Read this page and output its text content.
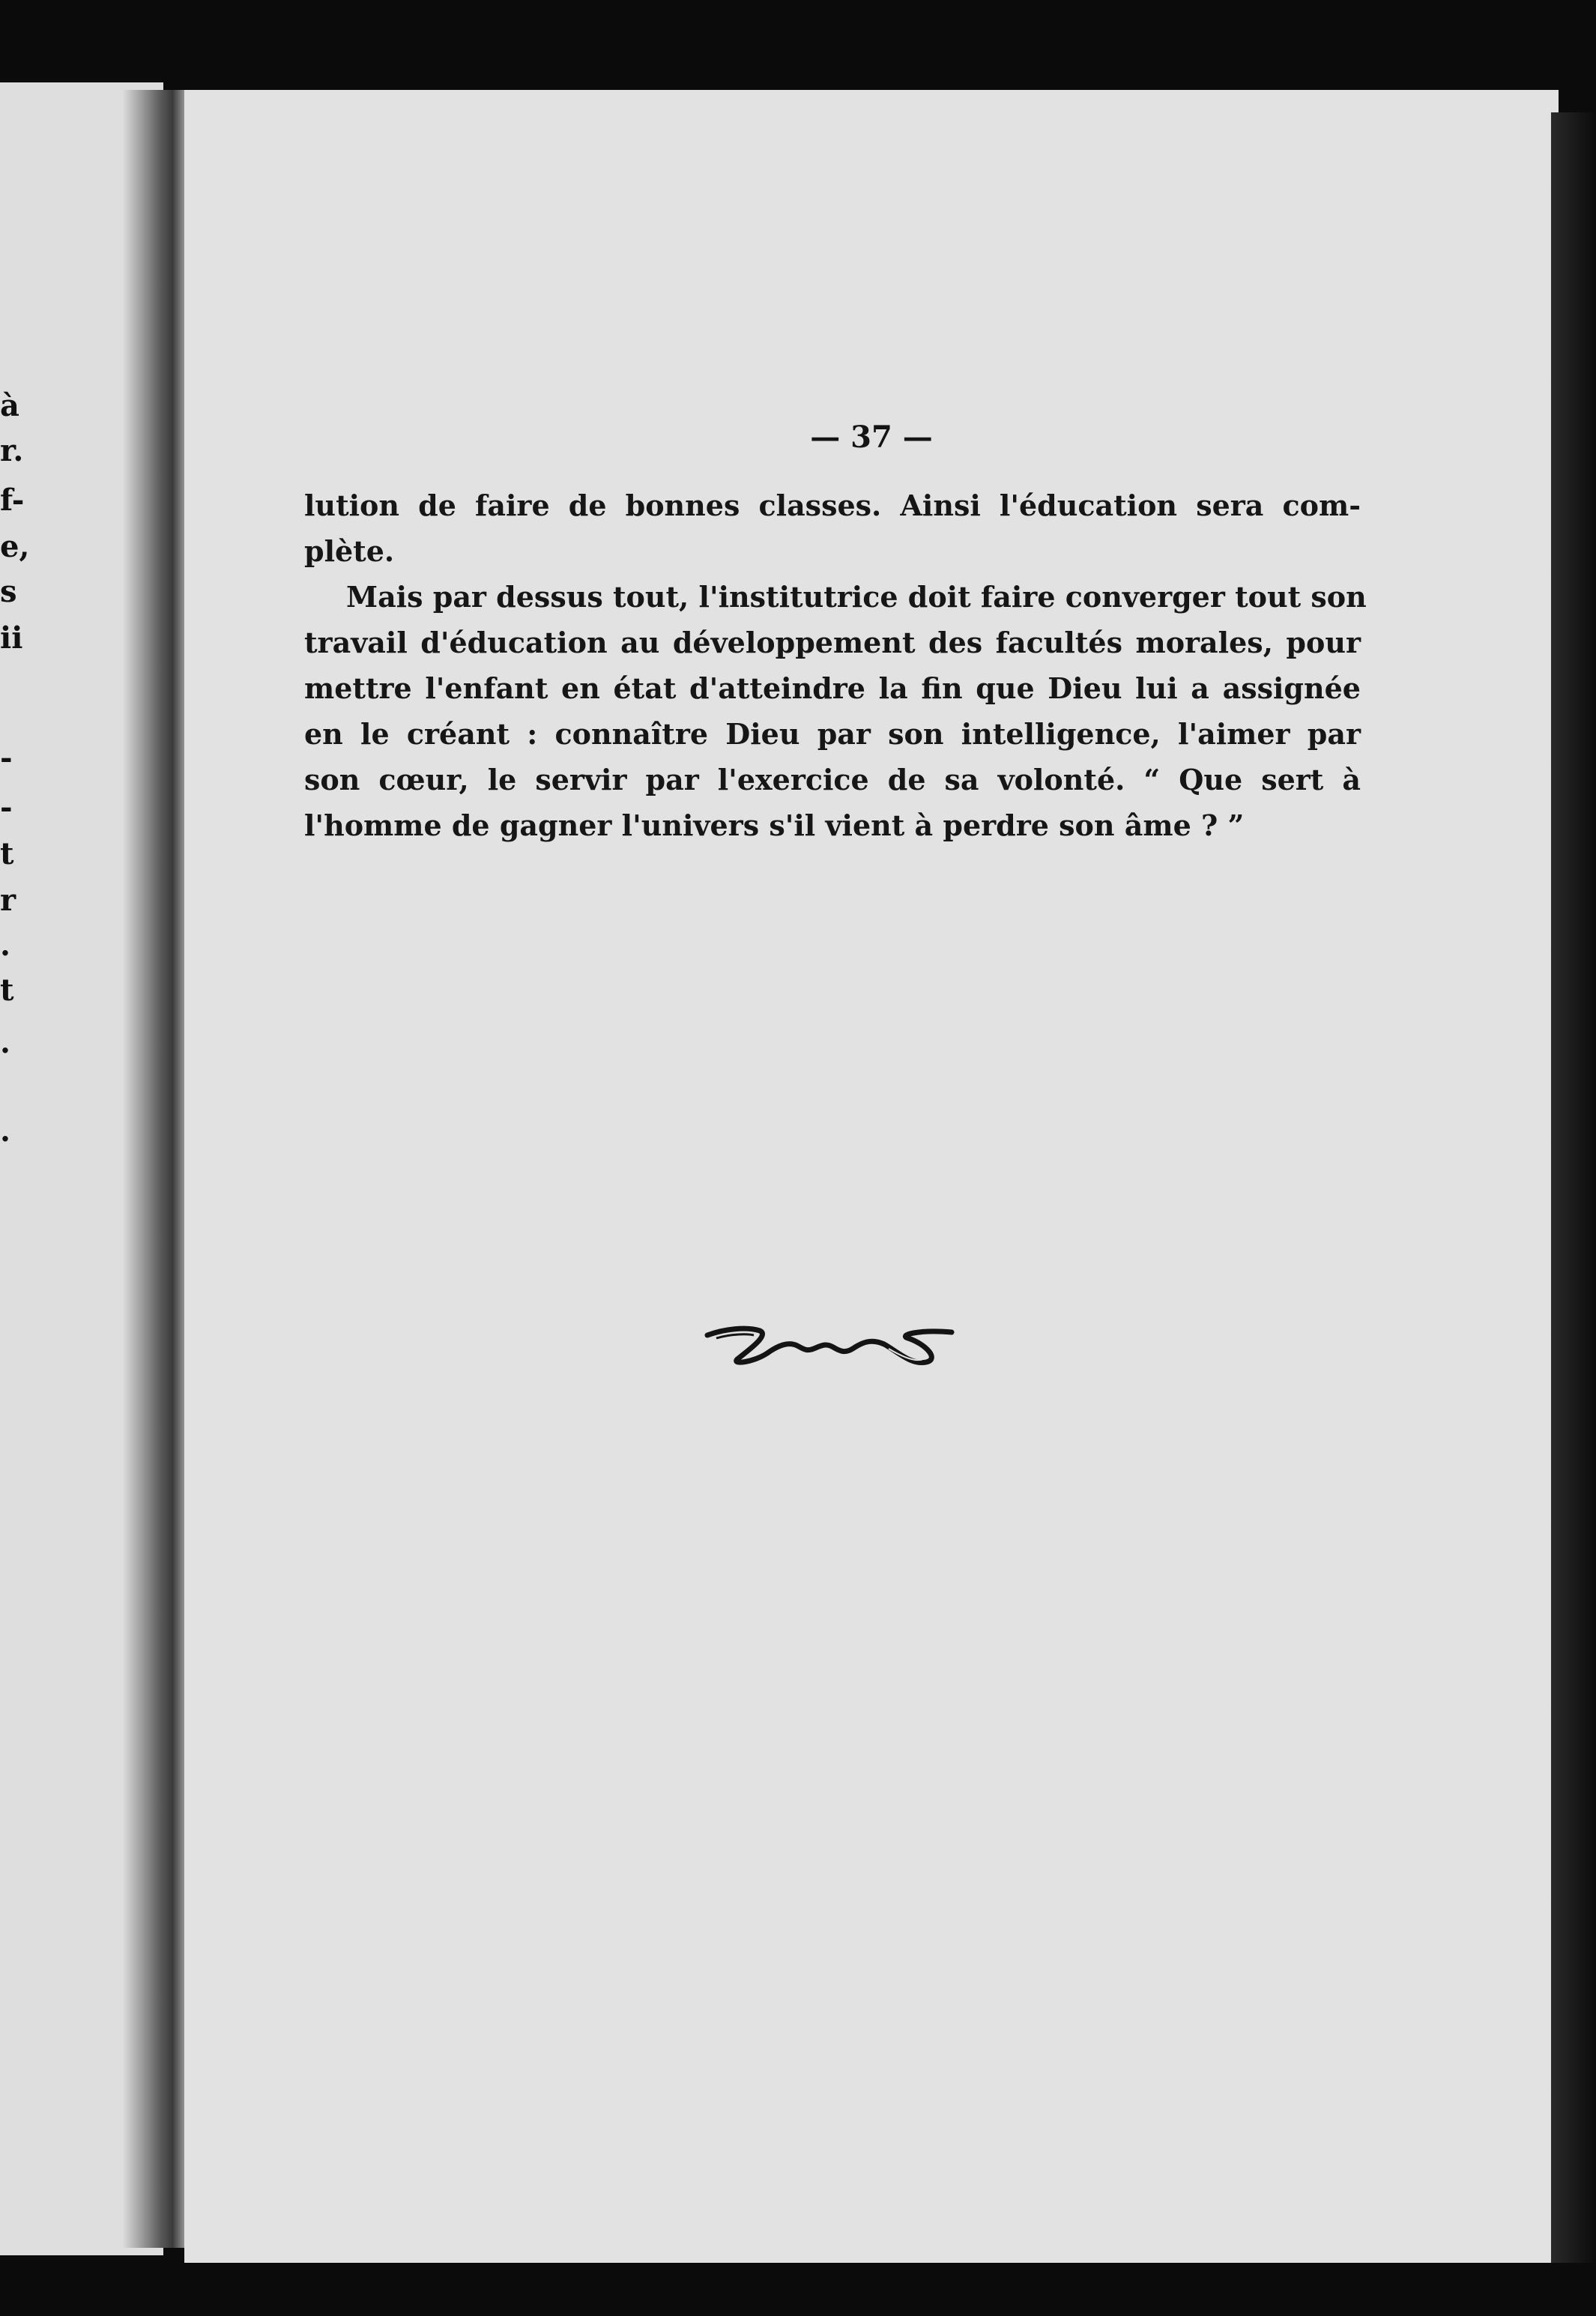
à
r.
f-
e,
s
ii
-
-
t
r
.
t
.
.
— 37 —
lution de faire de bonnes classes. Ainsi l'éducation sera com-
plète.
Mais par dessus tout, l'institutrice doit faire converger tout son
travail d'éducation au développement des facultés morales, pour
mettre l'enfant en état d'atteindre la fin que Dieu lui a assignée
en le créant : connaître Dieu par son intelligence, l'aimer par
son cœur, le servir par l'exercice de sa volonté. “ Que sert à
l'homme de gagner l'univers s'il vient à perdre son âme ? ”
